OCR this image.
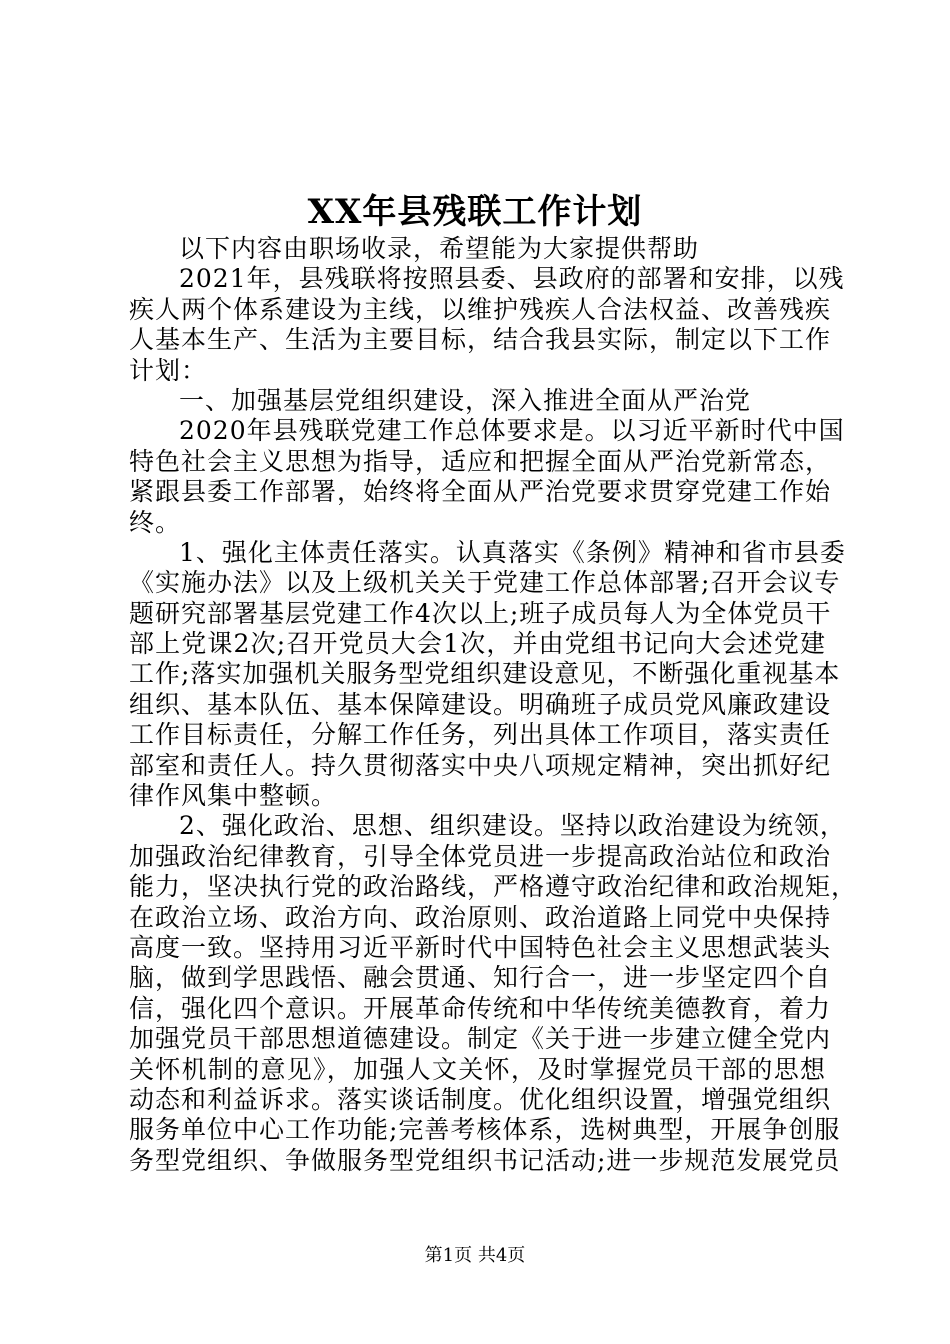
XX年县残联工作计划
以下内容由职场收录，希望能为大家提供帮助
2021年，县残联将按照县委、县政府的部署和安排，以残
疾人两个体系建设为主线，以维护残疾人合法权益、改善残疾
人基本生产、生活为主要目标，结合我县实际，制定以下工作
计划：
一、加强基层党组织建设，深入推进全面从严治党
2020年县残联党建工作总体要求是。以习近平新时代中国
特色社会主义思想为指导，适应和把握全面从严治党新常态，
紧跟县委工作部署，始终将全面从严治党要求贯穿党建工作始
终。
1、强化主体责任落实。认真落实《条例》精神和省市县委
《实施办法》以及上级机关关于党建工作总体部署;召开会议专
题研究部署基层党建工作4次以上;班子成员每人为全体党员干
部上党课2次;召开党员大会1次，并由党组书记向大会述党建
工作;落实加强机关服务型党组织建设意见，不断强化重视基本
组织、基本队伍、基本保障建设。明确班子成员党风廉政建设
工作目标责任，分解工作任务，列出具体工作项目，落实责任
部室和责任人。持久贯彻落实中央八项规定精神，突出抓好纪
律作风集中整顿。
2、强化政治、思想、组织建设。坚持以政治建设为统领，
加强政治纪律教育，引导全体党员进一步提高政治站位和政治
能力，坚决执行党的政治路线，严格遵守政治纪律和政治规矩，
在政治立场、政治方向、政治原则、政治道路上同党中央保持
高度一致。坚持用习近平新时代中国特色社会主义思想武装头
脑，做到学思践悟、融会贯通、知行合一，进一步坚定四个自
信，强化四个意识。开展革命传统和中华传统美德教育，着力
加强党员干部思想道德建设。制定《关于进一步建立健全党内
关怀机制的意见》，加强人文关怀，及时掌握党员干部的思想
动态和利益诉求。落实谈话制度。优化组织设置，增强党组织
服务单位中心工作功能;完善考核体系，选树典型，开展争创服
务型党组织、争做服务型党组织书记活动;进一步规范发展党员
第1页 共4页
